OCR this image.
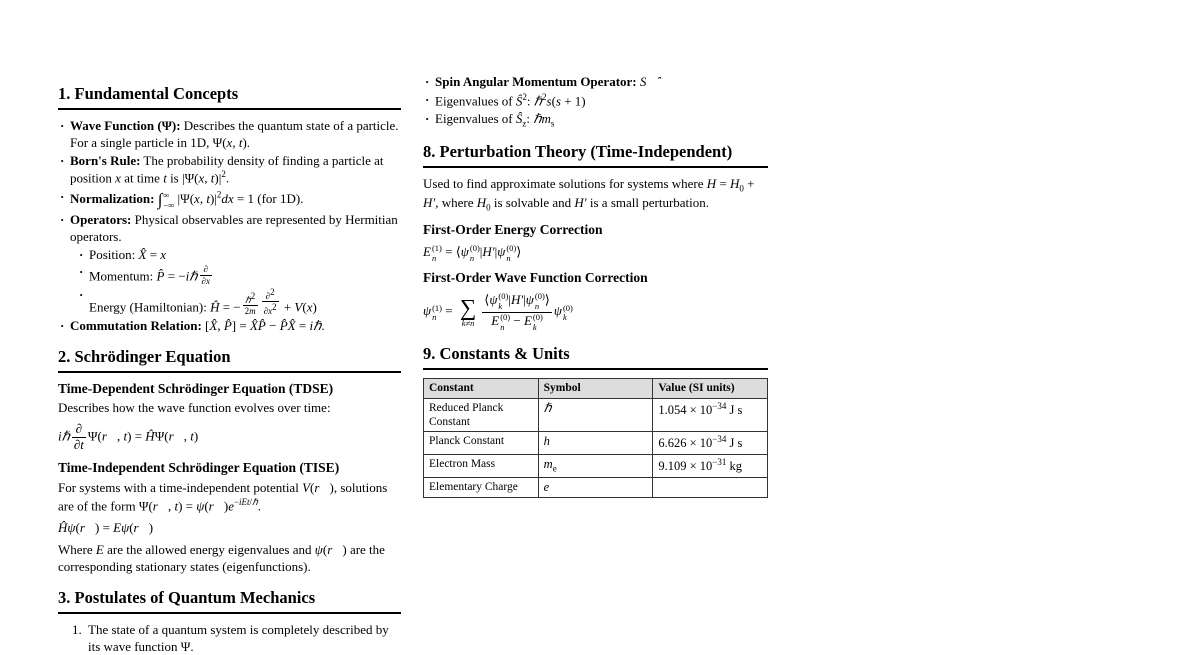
1. Fundamental Concepts
· Wave Function (Ψ): Describes the quantum state of a particle. For a single particle in 1D, Ψ(x, t).
· Born's Rule: The probability density of finding a particle at position x at time t is |Ψ(x, $t)|^2$.
· Normalization: ∫ ∞
−∞ |Ψ(x, $t)|^2dx = 1$ (for 1D).
· Operators: Physical observables are represented by Hermitian operators.
· Position: X̂ = x
· Momentum: P̂ = −iℏ $\frac{\partial}{\partial x}$
· Energy (Hamiltonian): Ĥ = − $\frac{\hbar^2}{2m} \frac{\partial^2}{\partial x^2} + V(x)$
· Commutation Relation: [X̂, P̂] = X̂P̂ − P̂X̂ = iℏ.
2. Schrödinger Equation
Time-Dependent Schrödinger Equation (TDSE)

Describes how the wave function evolves over time:

iℏ $\frac{\partial}{\partial t}$ Ψ(r⃗, t) = ĤΨ(r⃗, t)
Time-Independent Schrödinger Equation (TISE)

For systems with a time-independent potential V(r⃗), solutions are of the form Ψ(r⃗, $t) = \psi(r⃗)e^{-iEt/\hbar}$.

Ĥψ(r⃗) = Eψ(r⃗)

Where E are the allowed energy eigenvalues and ψ(r⃗) are the corresponding stationary states (eigenfunctions).

3. Postulates of Quantum Mechanics
1. The state of a quantum system is completely described by its wave function Ψ.
· Spin Angular Momentum Operator: S⃗̂
· Eigenvalues of $Ŝ^2$: ℏ$^2$s(s + 1)
· Eigenvalues of $Ŝ_z$: ℏm$_s$
8. Perturbation Theory (Time-Independent)

Used to find approximate solutions for systems where $H = H_0 + H'$, where $H_0$ is solvable and H′ is a small perturbation.

First-Order Energy Correction
E (1)
n = ⟨ψ (0)
n |H′|ψ (0)
n ⟩
First-Order Wave Function Correction
ψ (1)
n = ∑
k≠n ⟨ψ (0)
k |H′|ψ (0)
n ⟩
E (0)
n − E (0)
k ψ (0)
k
9. Constants & Units
Constant	Symbol	Value (SI units)
Reduced Planck Constant	ℏ	$1.054 \times 10^{-34}$ J s
Planck Constant	h	$6.626 \times 10^{-34}$ J s
Electron Mass	$m_e$	$9.109 \times 10^{-31}$ kg
Elementary Charge	e	
